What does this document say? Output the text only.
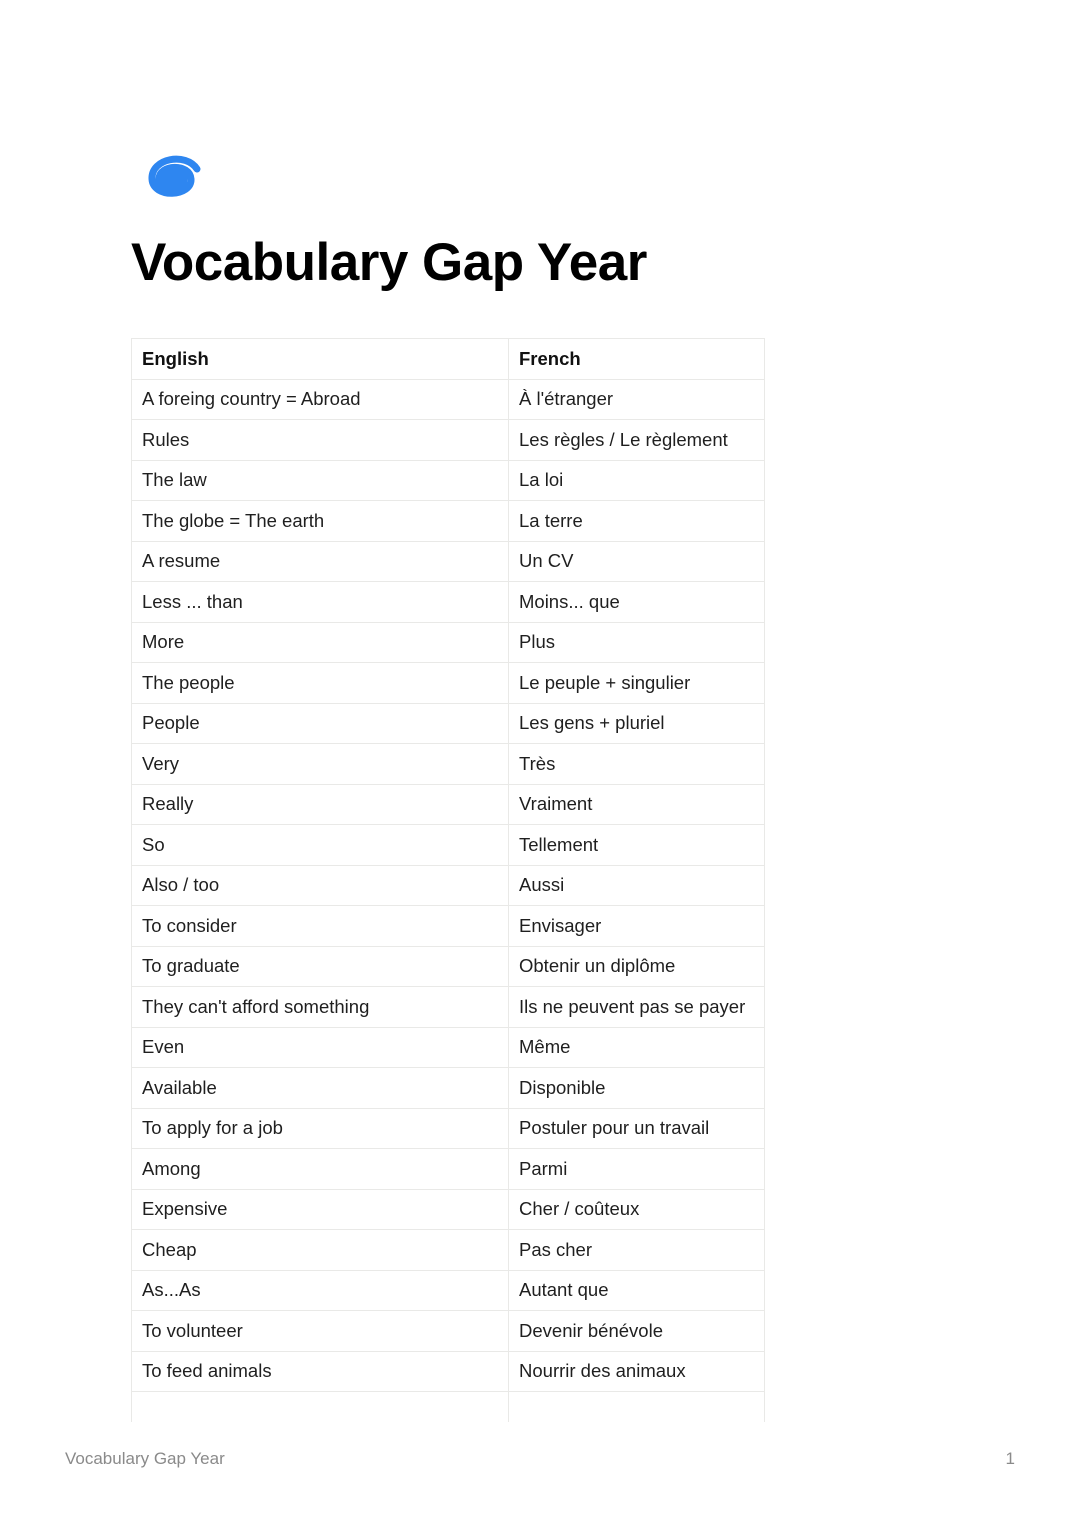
Vocabulary Gap Year
English	French
A foreing country = Abroad	À l'étranger
Rules	Les règles / Le règlement
The law	La loi
The globe = The earth	La terre
A resume	Un CV
Less ... than	Moins... que
More	Plus
The people	Le peuple + singulier
People	Les gens + pluriel
Very	Très
Really	Vraiment
So	Tellement
Also / too	Aussi
To consider	Envisager
To graduate	Obtenir un diplôme
They can't afford something	Ils ne peuvent pas se payer
Even	Même
Available	Disponible
To apply for a job	Postuler pour un travail
Among	Parmi
Expensive	Cher / coûteux
Cheap	Pas cher
As...As	Autant que
To volunteer	Devenir bénévole
To feed animals	Nourrir des animaux

Vocabulary Gap Year	1
